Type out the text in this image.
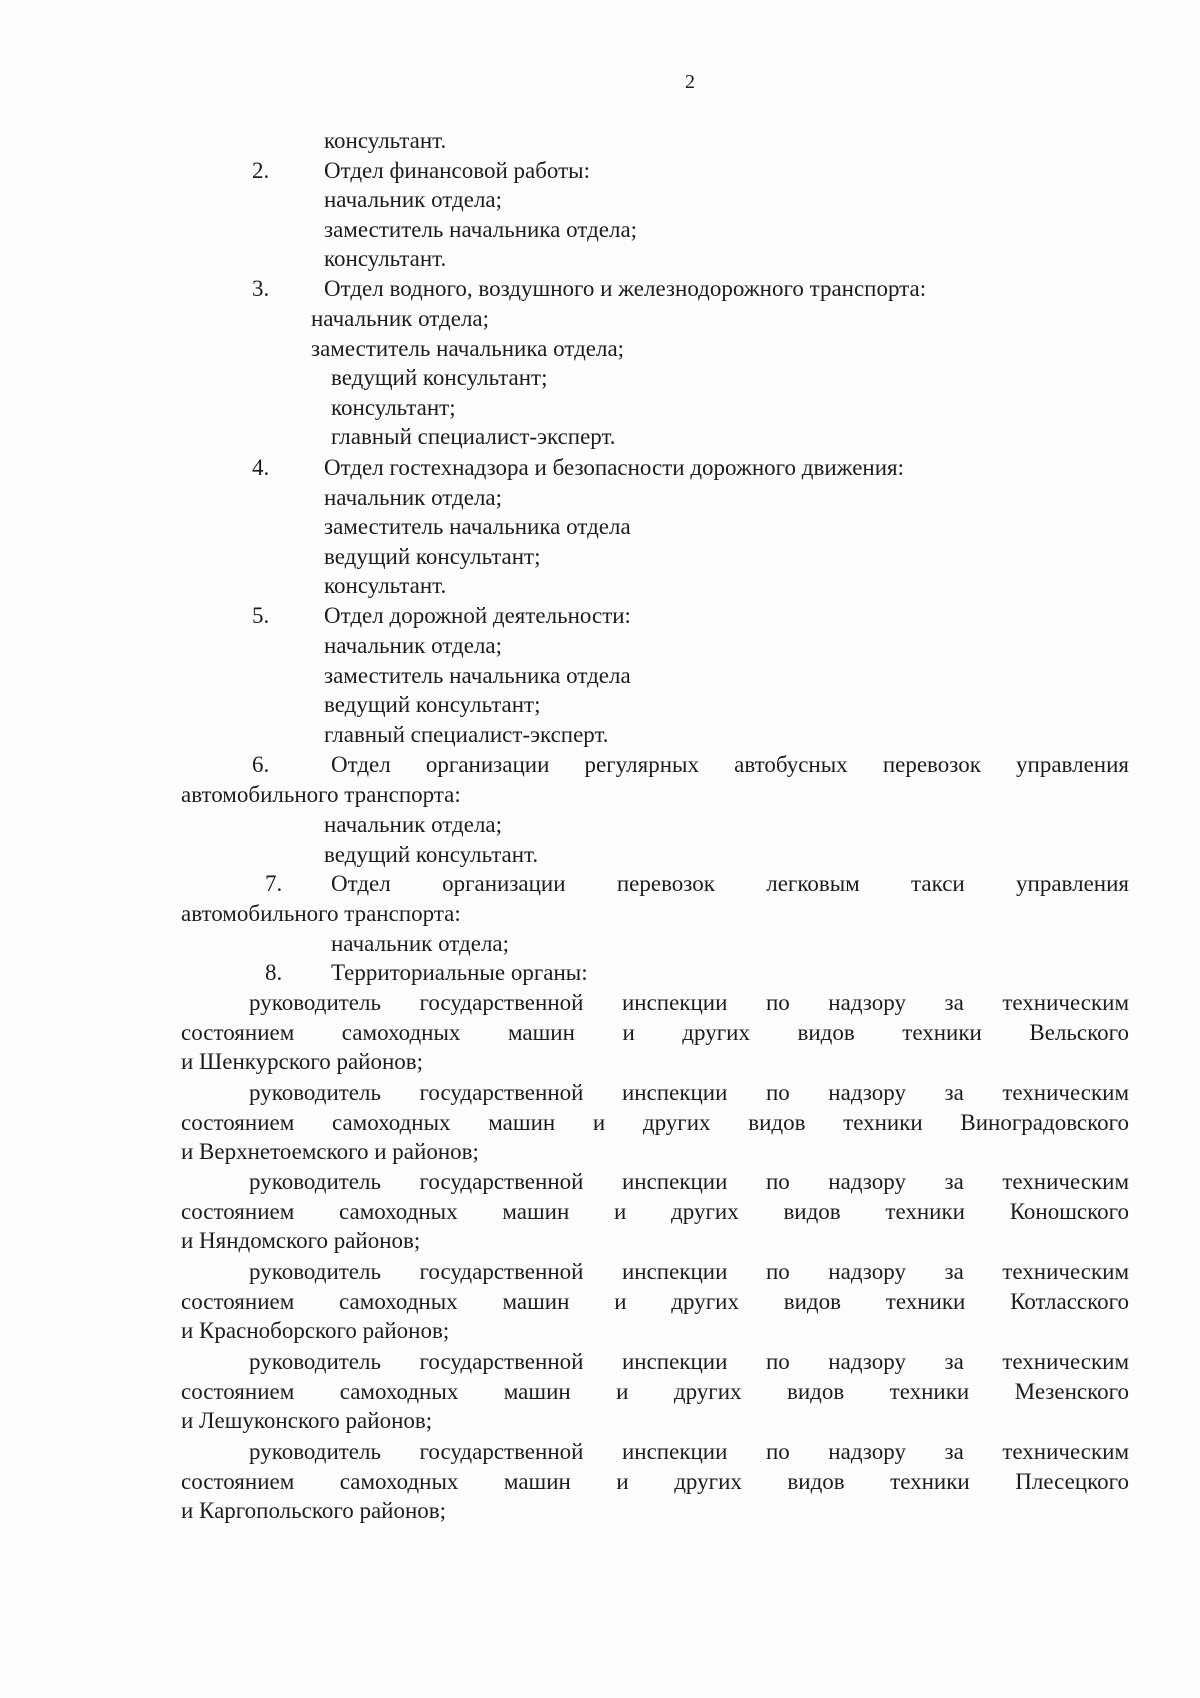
2
консультант.
2. Отдел финансовой работы:
начальник отдела;
заместитель начальника отдела;
консультант.
3. Отдел водного, воздушного и железнодорожного транспорта:
начальник отдела;
заместитель начальника отдела;
ведущий консультант;
консультант;
главный специалист-эксперт.
4. Отдел гостехнадзора и безопасности дорожного движения:
начальник отдела;
заместитель начальника отдела
ведущий консультант;
консультант.
5. Отдел дорожной деятельности:
начальник отдела;
заместитель начальника отдела
ведущий консультант;
главный специалист-эксперт.
6.	Отдел организации регулярных автобусных перевозок управления
автомобильного транспорта:
начальник отдела;
ведущий консультант.
7. Отдел организации перевозок легковым такси управления
автомобильного транспорта:
начальник отдела;
8. Территориальные органы:
руководитель государственной инспекции по надзору за техническим
состоянием самоходных машин и других видов техники Вельского
и Шенкурского районов;
руководитель государственной инспекции по надзору за техническим
состоянием самоходных машин и других видов техники Виноградовского
и Верхнетоемского и районов;
руководитель государственной инспекции по надзору за техническим
состоянием самоходных машин и других видов техники Коношского
и Няндомского районов;
руководитель государственной инспекции по надзору за техническим
состоянием самоходных машин и других видов техники Котласского
и Красноборского районов;
руководитель государственной инспекции по надзору за техническим
состоянием самоходных машин и других видов техники Мезенского
и Лешуконского районов;
руководитель государственной инспекции по надзору за техническим
состоянием самоходных машин и других видов техники Плесецкого
и Каргопольского районов;
